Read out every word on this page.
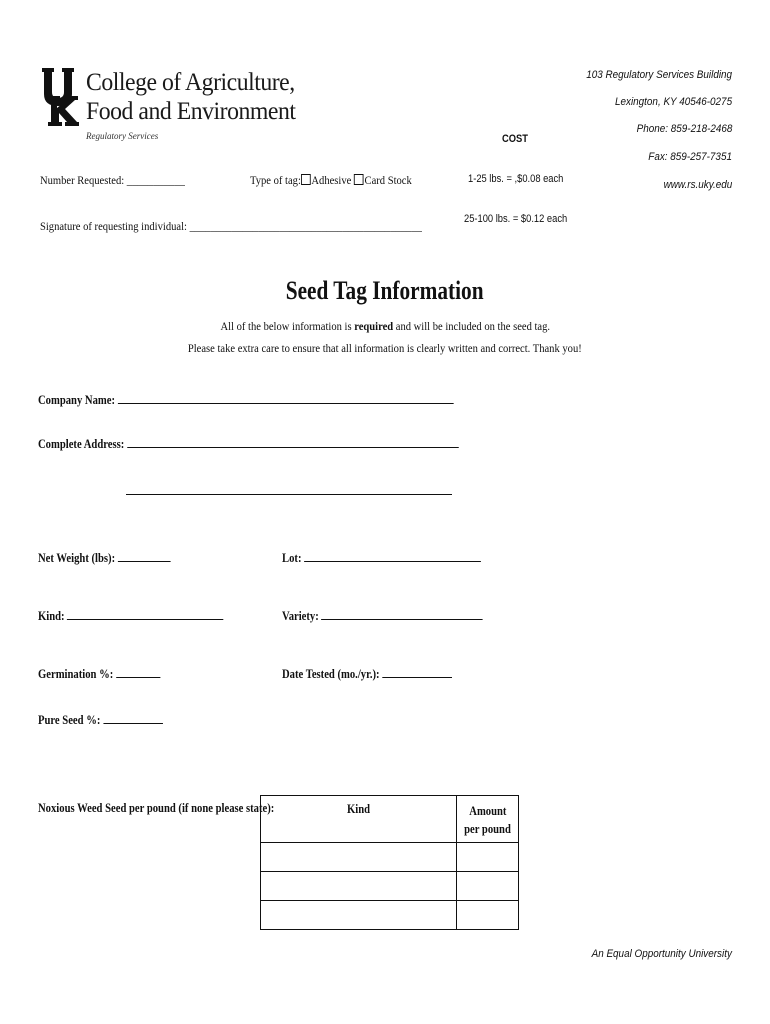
College of Agriculture,
Food and Environment
Regulatory Services
103 Regulatory Services Building
Lexington, KY 40546-0275
Phone: 859-218-2468
Fax: 859-257-7351
www.rs.uky.edu
COST
1-25 lbs. = ,$0.08 each
25-100 lbs. = $0.12 each
Number Requested: ___________	Type of tag: Adhesive Card Stock
Signature of requesting individual: ____________________________________________
Seed Tag Information
All of the below information is required and will be included on the seed tag.
Please take extra care to ensure that all information is clearly written and correct. Thank you!
Company Name:
Complete Address:
Net Weight (lbs):	Lot:
Kind:	Variety:
Germination %:	Date Tested (mo./yr.):
Pure Seed %:
Noxious Weed Seed per pound (if none please state):	Kind	Amount
per pound

An Equal Opportunity University
